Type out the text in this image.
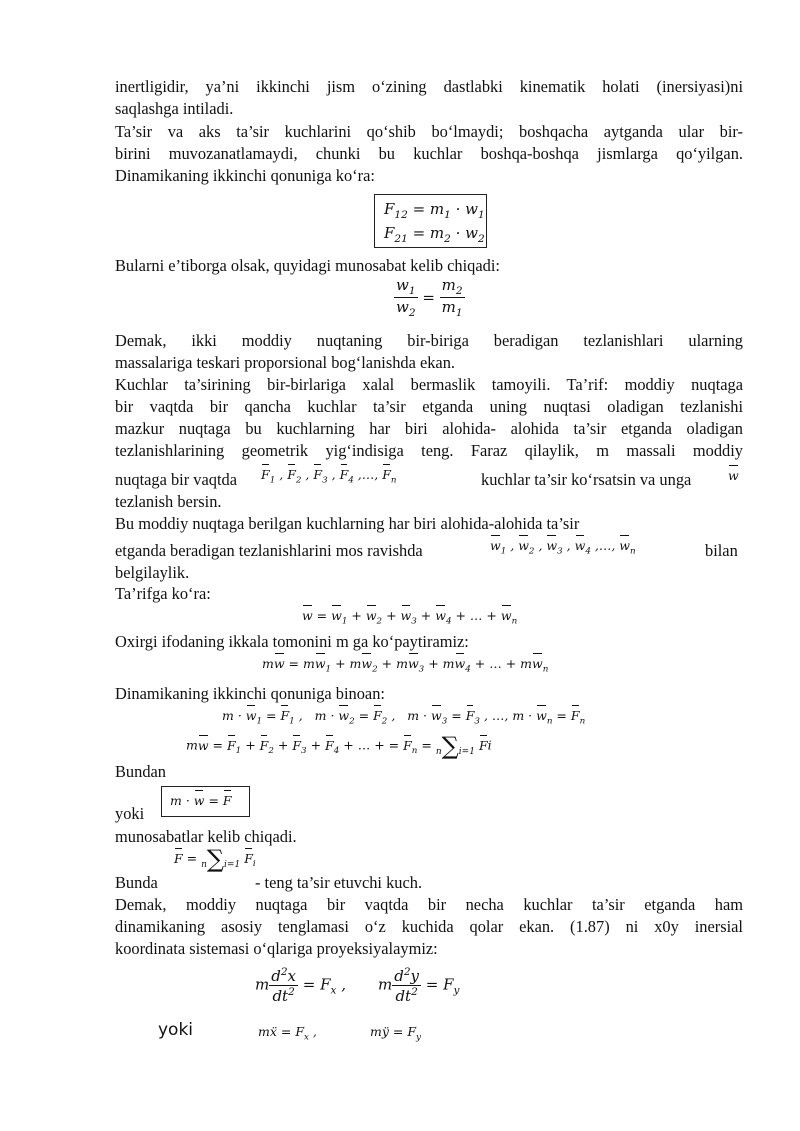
inertligidir, ya’ni ikkinchi jism o‘zining dastlabki kinematik holati (inersiyasi)ni
saqlashga intiladi.
Ta’sir va aks ta’sir kuchlarini qo‘shib bo‘lmaydi; boshqacha aytganda ular bir-
birini muvozanatlamaydi, chunki bu kuchlar boshqa-boshqa jismlarga qo‘yilgan.
Dinamikaning ikkinchi qonuniga ko‘ra:
$F_{12} = m_1 \cdot w_1$
$F_{21} = m_2 \cdot w_2$
Bularni e’tiborga olsak, quyidagi munosabat kelib chiqadi:
$\frac{w_1}{w_2} = \frac{m_2}{m_1}$
Demak, ikki moddiy nuqtaning bir-biriga beradigan tezlanishlari ularning
massalariga teskari proporsional bog‘lanishda ekan.
Kuchlar ta’sirining bir-birlariga xalal bermaslik tamoyili. Ta’rif: moddiy nuqtaga
bir vaqtda bir qancha kuchlar ta’sir etganda uning nuqtasi oladigan tezlanishi
mazkur nuqtaga bu kuchlarning har biri alohida- alohida ta’sir etganda oladigan
tezlanishlarining geometrik yig‘indisiga teng. Faraz qilaylik, m massali moddiy
nuqtaga bir vaqtda $F_1$ , $F_2$ , $F_3$ , $F_4$ ,…, $F_n$	kuchlar ta’sir ko‘rsatsin va unga	w
tezlanish bersin.
Bu moddiy nuqtaga berilgan kuchlarning har biri alohida-alohida ta’sir
etganda beradigan tezlanishlarini mos ravishda	$w_1$ , $w_2$ , $w_3$ , $w_4$ ,…, $w_n$	bilan
belgilaylik.
Ta’rifga ko‘ra:
$w = w_1 + w_2 + w_3 + w_4$ + … + $w_n$
Oxirgi ifodaning ikkala tomonini m ga ko‘paytiramiz:
mw = $mw_1 + mw_2 + mw_3 + mw_4$ + … + $mw_n$
Dinamikaning ikkinchi qonuniga binoan:
$m \cdot w_1 = F_1$ ,   $m \cdot w_2 = F_2$ ,   $m \cdot w_3 = F_3$ , …, $m \cdot w_n = F_n$
mw = $F_1 + F_2 + F_3 + F_4$ + … + = $F_n = n\sum i=1$ Fi
Bundan
m · w = F
yoki
munosabatlar kelib chiqadi.
Bunda
F = n∑i=1 $F_i$
- teng ta’sir etuvchi kuch.
Demak, moddiy nuqtaga bir vaqtda bir necha kuchlar ta’sir etganda ham
dinamikaning asosiy tenglamasi o‘z kuchida qolar ekan. (1.87) ni x0y inersial
koordinata sistemasi o‘qlariga proyeksiyalaymiz:
m $\frac{d^2x}{dt^2} = F_x$ , m $\frac{d^2y}{dt^2} = F_y$
yoki	mẍ = $F_x$ ,	mÿ = $F_y$
